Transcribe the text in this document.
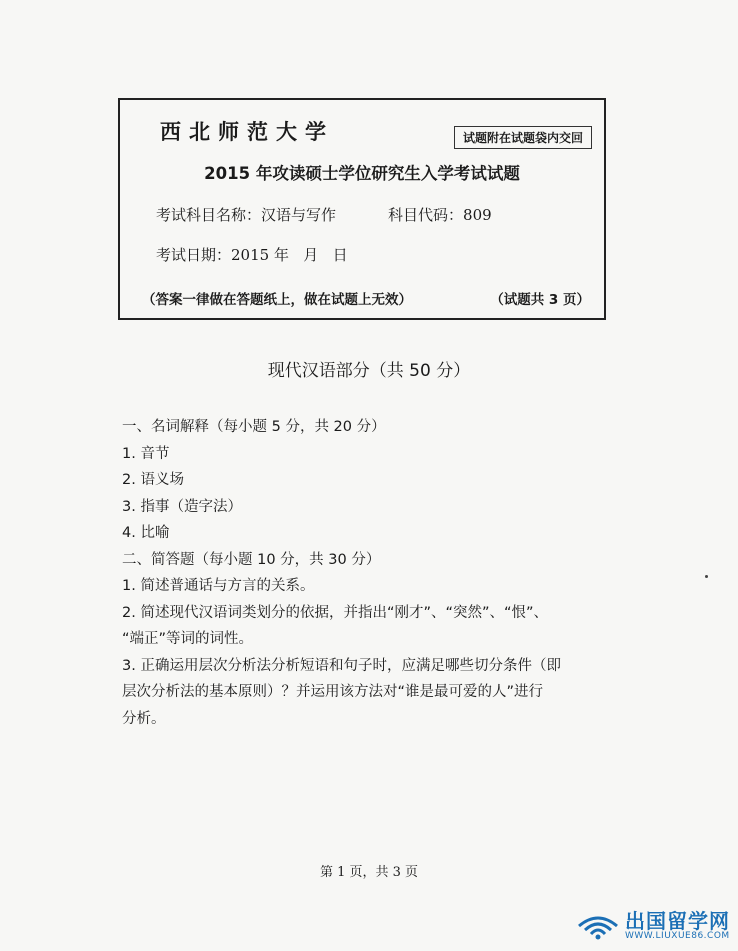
西北师范大学	试题附在试题袋内交回
2015 年攻读硕士学位研究生入学考试试题
考试科目名称：汉语与写作	科目代码：809
考试日期：2015 年   月   日
（答案一律做在答题纸上，做在试题上无效）	（试题共 3 页）
现代汉语部分（共 50 分）
一、名词解释（每小题 5 分，共 20 分）
1. 音节
2. 语义场
3. 指事（造字法）
4. 比喻
二、简答题（每小题 10 分，共 30 分）
1. 简述普通话与方言的关系。
2. 简述现代汉语词类划分的依据，并指出“刚才”、“突然”、“恨”、
“端正”等词的词性。
3. 正确运用层次分析法分析短语和句子时，应满足哪些切分条件（即
层次分析法的基本原则）？并运用该方法对“谁是最可爱的人”进行
分析。
第 1 页，共 3 页
出国留学网
WWW.LIUXUE86.COM
